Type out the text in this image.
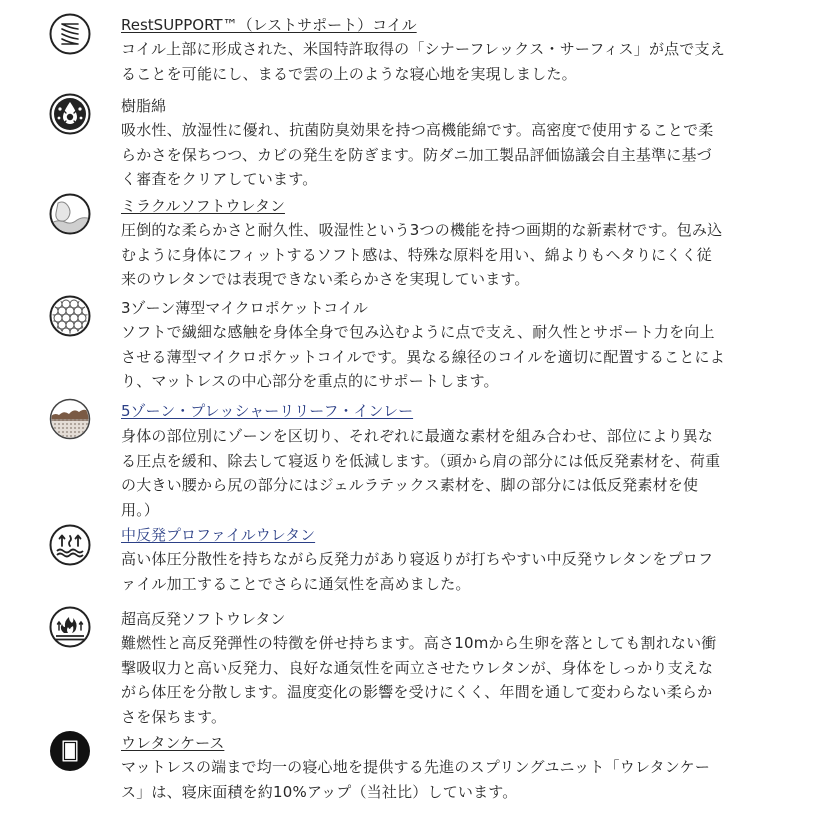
RestSUPPORT™（レストサポート）コイル
コイル上部に形成された、米国特許取得の「シナーフレックス・サーフィス」が点で支えることを可能にし、まるで雲の上のような寝心地を実現しました。
樹脂綿
吸水性、放湿性に優れ、抗菌防臭効果を持つ高機能綿です。高密度で使用することで柔らかさを保ちつつ、カビの発生を防ぎます。防ダニ加工製品評価協議会自主基準に基づく審査をクリアしています。
ミラクルソフトウレタン
圧倒的な柔らかさと耐久性、吸湿性という3つの機能を持つ画期的な新素材です。包み込むように身体にフィットするソフト感は、特殊な原料を用い、綿よりもヘタりにくく従来のウレタンでは表現できない柔らかさを実現しています。
3ゾーン薄型マイクロポケットコイル
ソフトで繊細な感触を身体全身で包み込むように点で支え、耐久性とサポート力を向上させる薄型マイクロポケットコイルです。異なる線径のコイルを適切に配置することにより、マットレスの中心部分を重点的にサポートします。
5ゾーン・プレッシャーリリーフ・インレー
身体の部位別にゾーンを区切り、それぞれに最適な素材を組み合わせ、部位により異なる圧点を緩和、除去して寝返りを低減します。（頭から肩の部分には低反発素材を、荷重の大きい腰から尻の部分にはジェルラテックス素材を、脚の部分には低反発素材を使用。）
中反発プロファイルウレタン
高い体圧分散性を持ちながら反発力があり寝返りが打ちやすい中反発ウレタンをプロファイル加工することでさらに通気性を高めました。
超高反発ソフトウレタン
難燃性と高反発弾性の特徴を併せ持ちます。高さ10mから生卵を落としても割れない衝撃吸収力と高い反発力、良好な通気性を両立させたウレタンが、身体をしっかり支えながら体圧を分散します。温度変化の影響を受けにくく、年間を通して変わらない柔らかさを保ちます。
ウレタンケース
マットレスの端まで均一の寝心地を提供する先進のスプリングユニット「ウレタンケース」は、寝床面積を約10%アップ（当社比）しています。
